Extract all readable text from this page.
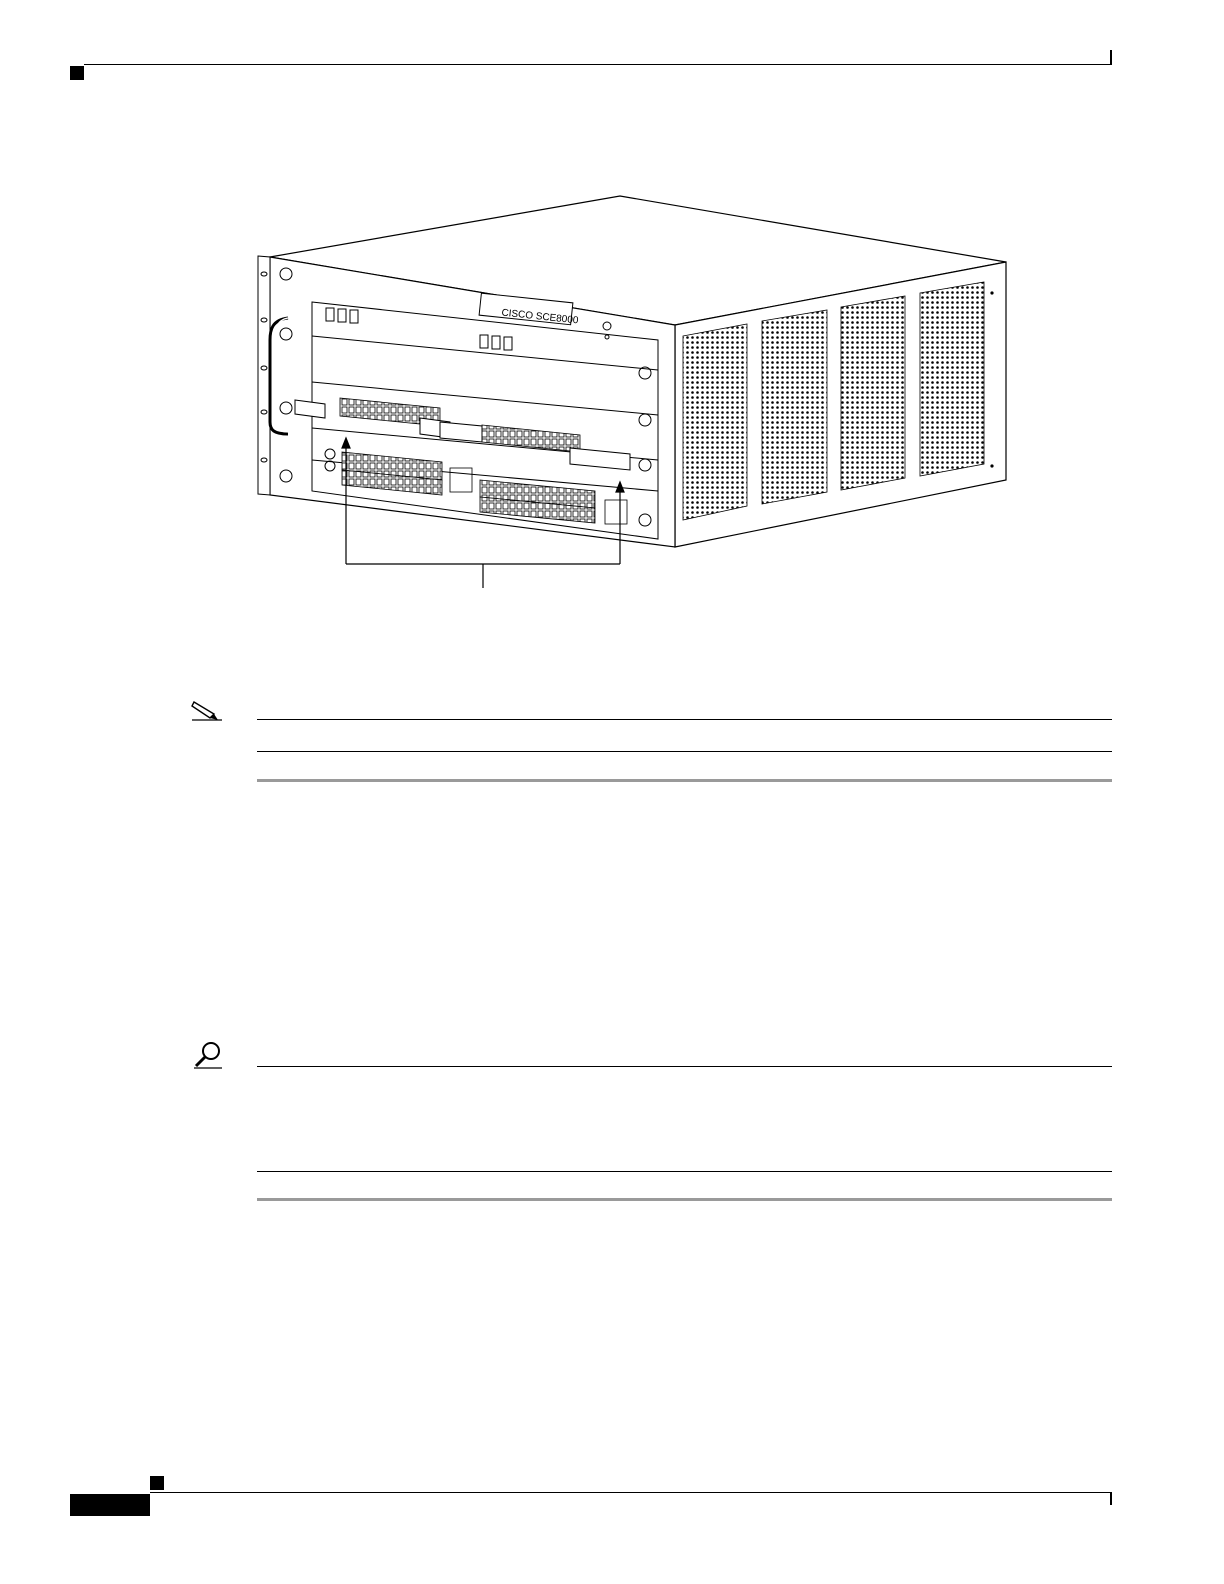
CISCO SCE8000
